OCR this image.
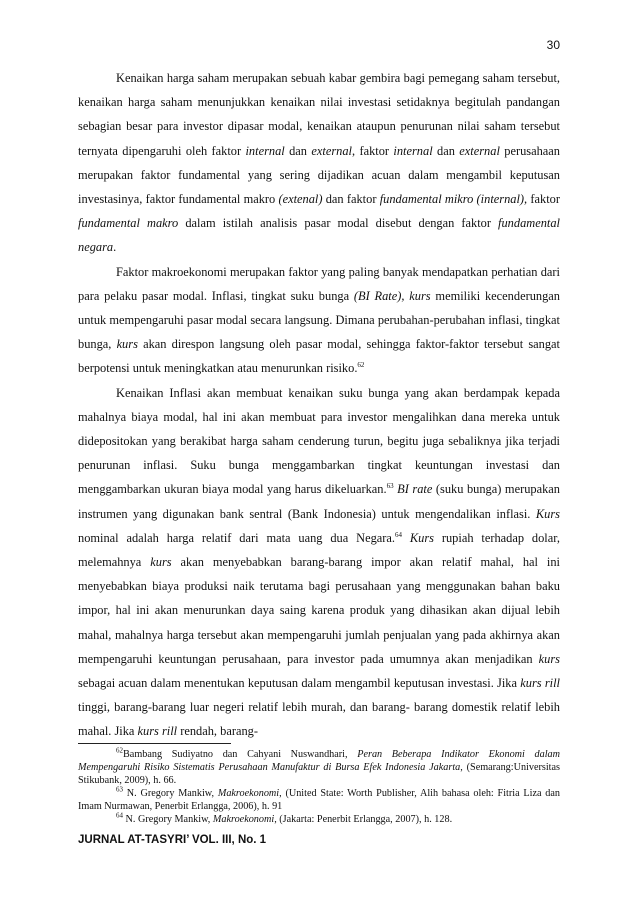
30

Kenaikan harga saham merupakan sebuah kabar gembira bagi pemegang saham tersebut, kenaikan harga saham menunjukkan kenaikan nilai investasi setidaknya begitulah pandangan sebagian besar para investor dipasar modal, kenaikan ataupun penurunan nilai saham tersebut ternyata dipengaruhi oleh faktor internal dan external, faktor internal dan external perusahaan merupakan faktor fundamental yang sering dijadikan acuan dalam mengambil keputusan investasinya, faktor fundamental makro (extenal) dan faktor fundamental mikro (internal), faktor fundamental makro dalam istilah analisis pasar modal disebut dengan faktor fundamental negara.

Faktor makroekonomi merupakan faktor yang paling banyak mendapatkan perhatian dari para pelaku pasar modal. Inflasi, tingkat suku bunga (BI Rate), kurs memiliki kecenderungan untuk mempengaruhi pasar modal secara langsung. Dimana perubahan-perubahan inflasi, tingkat bunga, kurs akan direspon langsung oleh pasar modal, sehingga faktor-faktor tersebut sangat berpotensi untuk meningkatkan atau menurunkan risiko.$^{62}$

Kenaikan Inflasi akan membuat kenaikan suku bunga yang akan berdampak kepada mahalnya biaya modal, hal ini akan membuat para investor mengalihkan dana mereka untuk didepositokan yang berakibat harga saham cenderung turun, begitu juga sebaliknya jika terjadi penurunan inflasi. Suku bunga menggambarkan tingkat keuntungan investasi dan menggambarkan ukuran biaya modal yang harus dikeluarkan.$^{63}$ BI rate (suku bunga) merupakan instrumen yang digunakan bank sentral (Bank Indonesia) untuk mengendalikan inflasi. Kurs nominal adalah harga relatif dari mata uang dua Negara.$^{64}$ Kurs rupiah terhadap dolar, melemahnya kurs akan menyebabkan barang-barang impor akan relatif mahal, hal ini menyebabkan biaya produksi naik terutama bagi perusahaan yang menggunakan bahan baku impor, hal ini akan menurunkan daya saing karena produk yang dihasikan akan dijual lebih mahal, mahalnya harga tersebut akan mempengaruhi jumlah penjualan yang pada akhirnya akan mempengaruhi keuntungan perusahaan, para investor pada umumnya akan menjadikan kurs sebagai acuan dalam menentukan keputusan dalam mengambil keputusan investasi. Jika kurs rill tinggi, barang-barang luar negeri relatif lebih murah, dan barang- barang domestik relatif lebih mahal. Jika kurs rill rendah, barang-

$^{62}$Bambang Sudiyatno dan Cahyani Nuswandhari, Peran Beberapa Indikator Ekonomi dalam Mempengaruhi Risiko Sistematis Perusahaan Manufaktur di Bursa Efek Indonesia Jakarta, (Semarang:Universitas Stikubank, 2009), h. 66.

$^{63}$ N. Gregory Mankiw, Makroekonomi, (United State: Worth Publisher, Alih bahasa oleh: Fitria Liza dan Imam Nurmawan, Penerbit Erlangga, 2006), h. 91

$^{64}$ N. Gregory Mankiw, Makroekonomi, (Jakarta: Penerbit Erlangga, 2007), h. 128.

JURNAL AT-TASYRI’ VOL. III, No. 1
